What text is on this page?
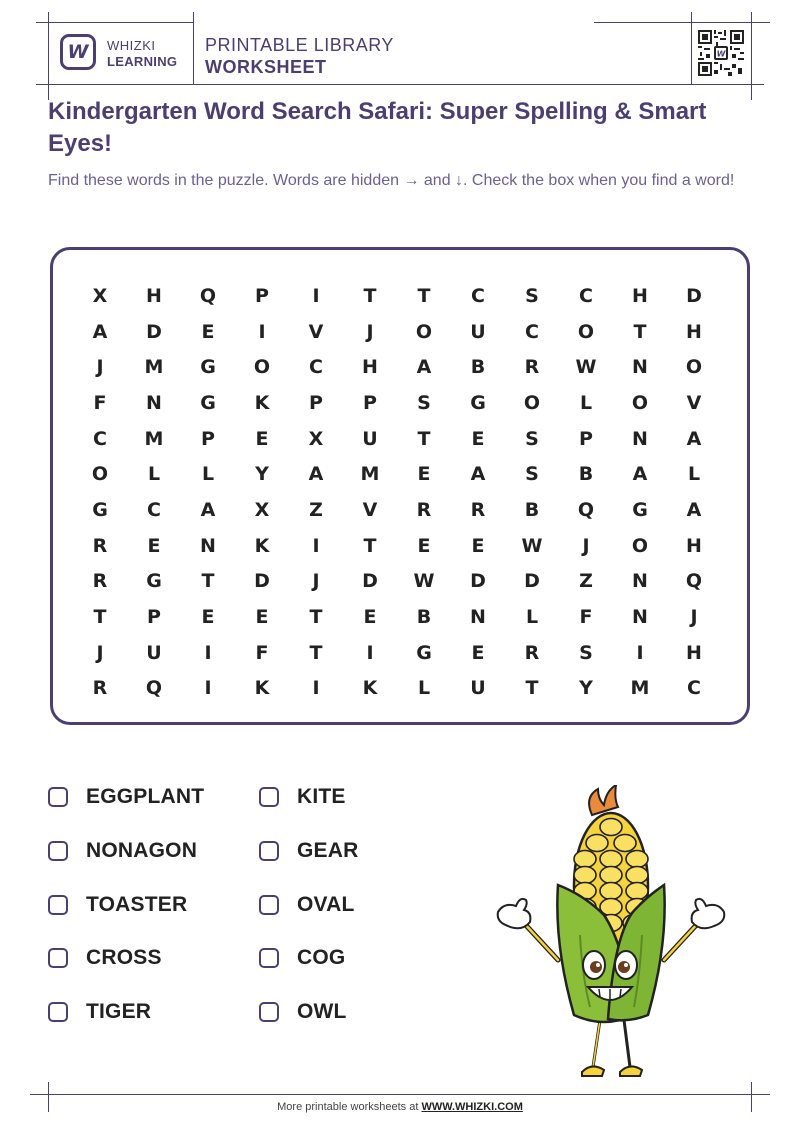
W WHIZKI
LEARNING
PRINTABLE LIBRARY
WORKSHEET
W
Kindergarten Word Search Safari: Super Spelling & Smart Eyes!
Find these words in the puzzle. Words are hidden → and ↓. Check the box when you find a word!
X	H	Q	P	I	T	T	C	S	C	H	D
A	D	E	I	V	J	O	U	C	O	T	H
J	M	G	O	C	H	A	B	R	W	N	O
F	N	G	K	P	P	S	G	O	L	O	V
C	M	P	E	X	U	T	E	S	P	N	A
O	L	L	Y	A	M	E	A	S	B	A	L
G	C	A	X	Z	V	R	R	B	Q	G	A
R	E	N	K	I	T	E	E	W	J	O	H
R	G	T	D	J	D	W	D	D	Z	N	Q
T	P	E	E	T	E	B	N	L	F	N	J
J	U	I	F	T	I	G	E	R	S	I	H
R	Q	I	K	I	K	L	U	T	Y	M	C
EGGPLANT
NONAGON
TOASTER
CROSS
TIGER
KITE
GEAR
OVAL
COG
OWL
More printable worksheets at WWW.WHIZKI.COM
